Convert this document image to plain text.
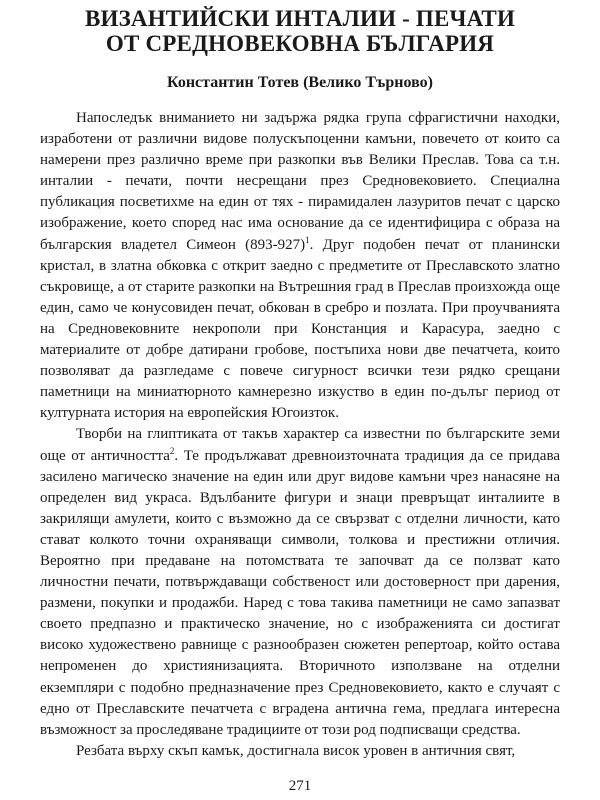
ВИЗАНТИЙСКИ ИНТАЛИИ - ПЕЧАТИ
ОТ СРЕДНОВЕКОВНА БЪЛГАРИЯ
Константин Тотев (Велико Търново)

Напоследък вниманието ни задържа рядка група сфрагистични находки, изработени от различни видове полускъпоценни камъни, повечето от които са намерени през различно време при разкопки във Велики Преслав. Това са т.н. инталии - печати, почти несрещани през Средновековието. Специална публикация посветихме на един от тях - пирамидален лазуритов печат с царско изображение, което според нас има основание да се идентифицира с образа на българския владетел Симеон $(893-927)^1$. Друг подобен печат от планински кристал, в златна обковка с открит заедно с предметите от Преславското златно съкровище, а от старите разкопки на Вътрешния град в Преслав произхожда още един, само че конусовиден печат, обкован в сребро и позлата. При проучванията на Средновековните некрополи при Констанция и Карасура, заедно с материалите от добре датирани гробове, постъпиха нови две печатчета, които позволяват да разгледаме с повече сигурност всички тези рядко срещани паметници на миниатюрното камнерезно изкуство в един по-дълъг период от културната история на европейския Югоизток.

Творби на глиптиката от такъв характер са известни по българските земи още от античността$^2$. Те продължават древноизточната традиция да се придава засилено магическо значение на един или друг видове камъни чрез нанасяне на определен вид украса. Вдълбаните фигури и знаци превръщат инталиите в закрилящи амулети, които с възможно да се свързват с отделни личности, като стават колкото точни охраняващи символи, толкова и престижни отличия. Вероятно при предаване на потомствата те започват да се ползват като личностни печати, потвърждаващи собственост или достоверност при дарения, размени, покупки и продажби. Наред с това такива паметници не само запазват своето предпазно и практическо значение, но с изображенията си достигат високо художествено равнище с разнообразен сюжетен репертоар, който остава непроменен до християнизацията. Вторичното използване на отделни екземпляри с подобно предназначение през Средновековието, както е случаят с едно от Преславските печатчета с вградена антична гема, предлага интересна възможност за проследяване традициите от този род подписващи средства.

Резбата върху скъп камък, достигнала висок уровен в античния свят,

271
